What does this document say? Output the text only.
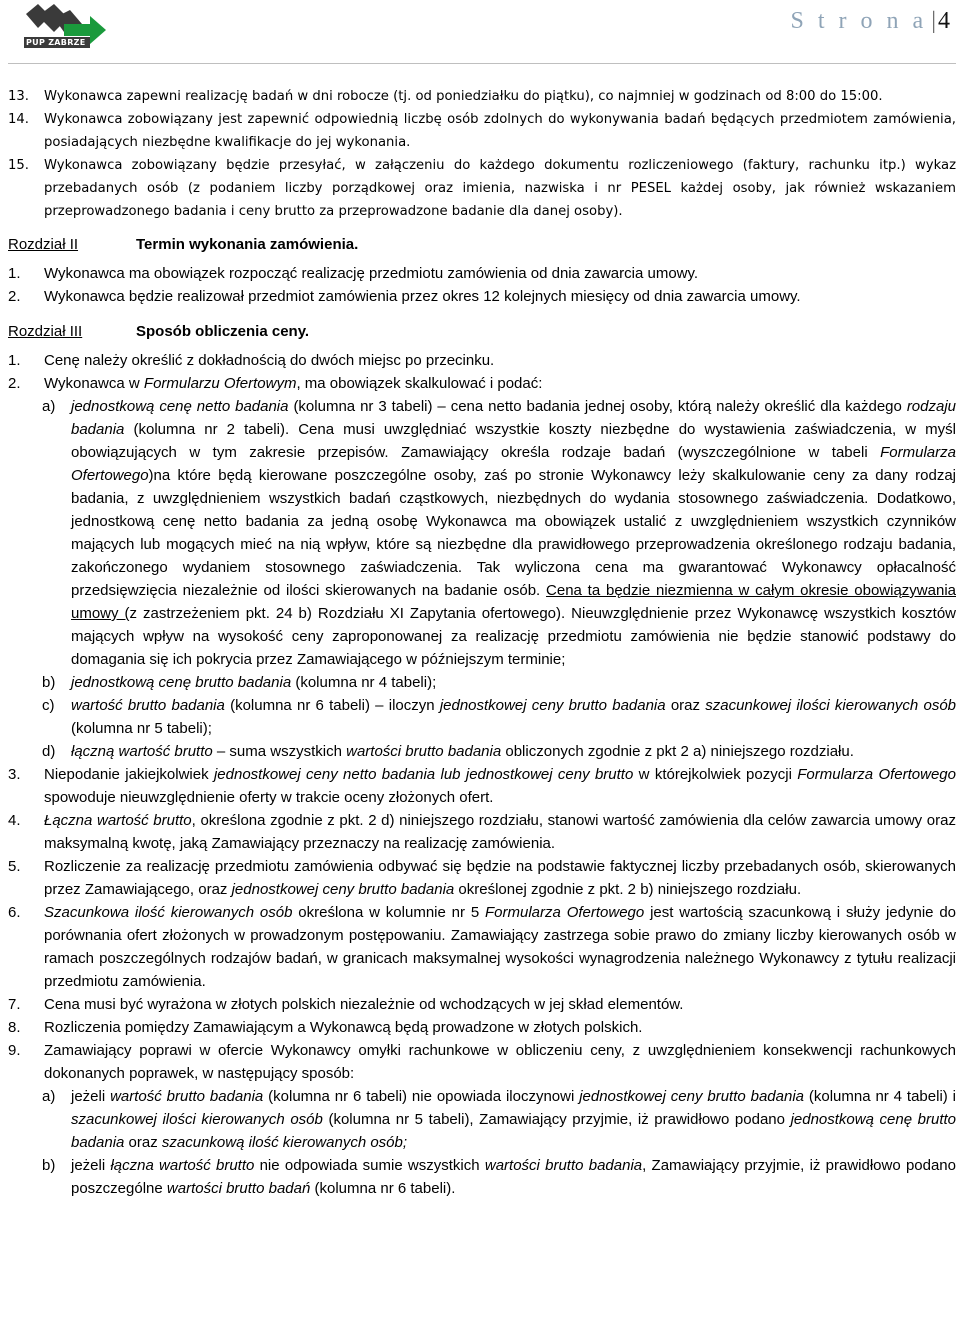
PUP ZABRZE
S t r o n a |4
13. Wykonawca zapewni realizację badań w dni robocze (tj. od poniedziałku do piątku), co najmniej w godzinach od 8:00 do 15:00.
14. Wykonawca zobowiązany jest zapewnić odpowiednią liczbę osób zdolnych do wykonywania badań będących przedmiotem zamówienia, posiadających niezbędne kwalifikacje do jej wykonania.
15. Wykonawca zobowiązany będzie przesyłać, w załączeniu do każdego dokumentu rozliczeniowego (faktury, rachunku itp.) wykaz przebadanych osób (z podaniem liczby porządkowej oraz imienia, nazwiska i nr PESEL każdej osoby, jak również wskazaniem przeprowadzonego badania i ceny brutto za przeprowadzone badanie dla danej osoby).
Rozdział II	Termin wykonania zamówienia.
1. Wykonawca ma obowiązek rozpocząć realizację przedmiotu zamówienia od dnia zawarcia umowy.
2. Wykonawca będzie realizował przedmiot zamówienia przez okres 12 kolejnych miesięcy od dnia zawarcia umowy.
Rozdział III	Sposób obliczenia ceny.
1. Cenę należy określić z dokładnością do dwóch miejsc po przecinku.
2. Wykonawca w Formularzu Ofertowym, ma obowiązek skalkulować i podać:
a) jednostkową cenę netto badania (kolumna nr 3 tabeli) – cena netto badania jednej osoby, którą należy określić dla każdego rodzaju badania (kolumna nr 2 tabeli). Cena musi uwzględniać wszystkie koszty niezbędne do wystawienia zaświadczenia, w myśl obowiązujących w tym zakresie przepisów. Zamawiający określa rodzaje badań (wyszczególnione w tabeli Formularza Ofertowego)na które będą kierowane poszczególne osoby, zaś po stronie Wykonawcy leży skalkulowanie ceny za dany rodzaj badania, z uwzględnieniem wszystkich badań cząstkowych, niezbędnych do wydania stosownego zaświadczenia. Dodatkowo, jednostkową cenę netto badania za jedną osobę Wykonawca ma obowiązek ustalić z uwzględnieniem wszystkich czynników mających lub mogących mieć na nią wpływ, które są niezbędne dla prawidłowego przeprowadzenia określonego rodzaju badania, zakończonego wydaniem stosownego zaświadczenia. Tak wyliczona cena ma gwarantować Wykonawcy opłacalność przedsięwzięcia niezależnie od ilości skierowanych na badanie osób. Cena ta będzie niezmienna w całym okresie obowiązywania umowy (z zastrzeżeniem pkt. 24 b) Rozdziału XI Zapytania ofertowego). Nieuwzględnienie przez Wykonawcę wszystkich kosztów mających wpływ na wysokość ceny zaproponowanej za realizację przedmiotu zamówienia nie będzie stanowić podstawy do domagania się ich pokrycia przez Zamawiającego w późniejszym terminie;
b) jednostkową cenę brutto badania (kolumna nr 4 tabeli);
c) wartość brutto badania (kolumna nr 6 tabeli) – iloczyn jednostkowej ceny brutto badania oraz szacunkowej ilości kierowanych osób (kolumna nr 5 tabeli);
d) łączną wartość brutto – suma wszystkich wartości brutto badania obliczonych zgodnie z pkt 2 a) niniejszego rozdziału.
3. Niepodanie jakiejkolwiek jednostkowej ceny netto badania lub jednostkowej ceny brutto w którejkolwiek pozycji Formularza Ofertowego spowoduje nieuwzględnienie oferty w trakcie oceny złożonych ofert.
4. Łączna wartość brutto, określona zgodnie z pkt. 2 d) niniejszego rozdziału, stanowi wartość zamówienia dla celów zawarcia umowy oraz maksymalną kwotę, jaką Zamawiający przeznaczy na realizację zamówienia.
5. Rozliczenie za realizację przedmiotu zamówienia odbywać się będzie na podstawie faktycznej liczby przebadanych osób, skierowanych przez Zamawiającego, oraz jednostkowej ceny brutto badania określonej zgodnie z pkt. 2 b) niniejszego rozdziału.
6. Szacunkowa ilość kierowanych osób określona w kolumnie nr 5 Formularza Ofertowego jest wartością szacunkową i służy jedynie do porównania ofert złożonych w prowadzonym postępowaniu. Zamawiający zastrzega sobie prawo do zmiany liczby kierowanych osób w ramach poszczególnych rodzajów badań, w granicach maksymalnej wysokości wynagrodzenia należnego Wykonawcy z tytułu realizacji przedmiotu zamówienia.
7. Cena musi być wyrażona w złotych polskich niezależnie od wchodzących w jej skład elementów.
8. Rozliczenia pomiędzy Zamawiającym a Wykonawcą będą prowadzone w złotych polskich.
9. Zamawiający poprawi w ofercie Wykonawcy omyłki rachunkowe w obliczeniu ceny, z uwzględnieniem konsekwencji rachunkowych dokonanych poprawek, w następujący sposób:
a) jeżeli wartość brutto badania (kolumna nr 6 tabeli) nie opowiada iloczynowi jednostkowej ceny brutto badania (kolumna nr 4 tabeli) i szacunkowej ilości kierowanych osób (kolumna nr 5 tabeli), Zamawiający przyjmie, iż prawidłowo podano jednostkową cenę brutto badania oraz szacunkową ilość kierowanych osób;
b) jeżeli łączna wartość brutto nie odpowiada sumie wszystkich wartości brutto badania, Zamawiający przyjmie, iż prawidłowo podano poszczególne wartości brutto badań (kolumna nr 6 tabeli).
